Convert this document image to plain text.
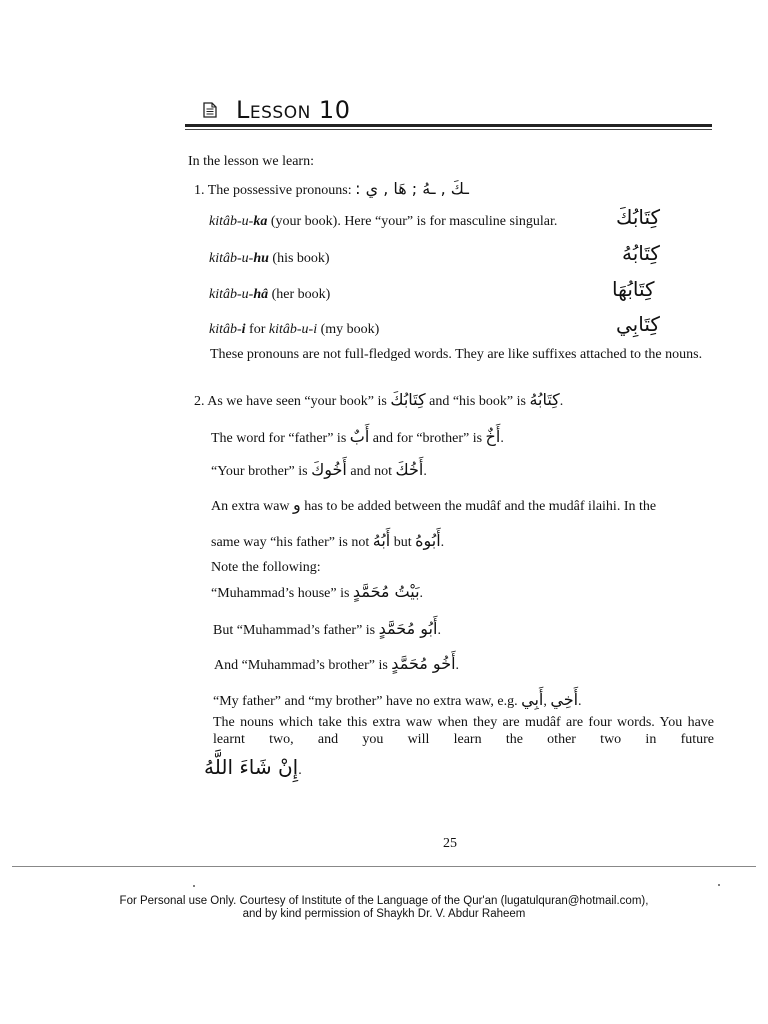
Lesson 10
In the lesson we learn:
1. The possessive pronouns: ـكَ , ـهُ ; هَا , ي :
kitâb-u-ka (your book). Here “your” is for masculine singular.	كِتَابُكَ
kitâb-u-hu (his book)	كِتَابُهُ
kitâb-u-hâ (her book)	كِتَابُهَا
kitâb-i for kitâb-u-i (my book)	كِتَابِي
These pronouns are not full-fledged words. They are like suffixes attached to the nouns.
2. As we have seen “your book” is كِتَابُكَ and “his book” is كِتَابُهُ.
The word for “father” is أَبٌ and for “brother” is أَخٌ.
“Your brother” is أَخُوكَ and not أَخُكَ.
An extra waw و has to be added between the mudâf and the mudâf ilaihi. In the
same way “his father” is not أَبُهُ but أَبُوهُ.
Note the following:
“Muhammad’s house” is بَيْتُ مُحَمَّدٍ.
But “Muhammad’s father” is أَبُو مُحَمَّدٍ.
And “Muhammad’s brother” is أَخُو مُحَمَّدٍ.
“My father” and “my brother” have no extra waw, e.g. أَبِي, أَخِي.
The nouns which take this extra waw when they are mudâf are four words. You have learnt two, and you will learn the other two in future
إِنْ شَاءَ اللَّهُ.
25
For Personal use Only. Courtesy of Institute of the Language of the Qur'an (lugatulquran@hotmail.com),
and by kind permission of Shaykh Dr. V. Abdur Raheem
